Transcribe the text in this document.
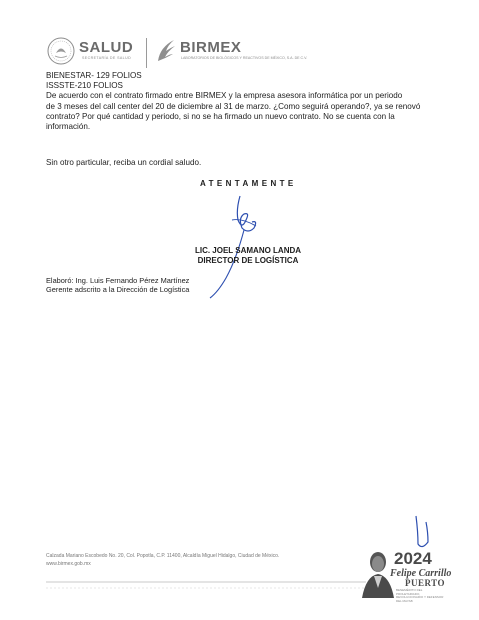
SALUD
SECRETARÍA DE SALUD
BIRMEX
LABORATORIOS DE BIOLÓGICOS Y REACTIVOS DE MÉXICO, S.A. DE C.V.
BIENESTAR- 129 FOLIOS
ISSSTE-210 FOLIOS
De acuerdo con el contrato firmado entre BIRMEX y la empresa asesora informática por un periodo
de 3 meses del call center del 20 de diciembre al 31 de marzo. ¿Como seguirá operando?, ya se renovó
contrato? Por qué cantidad y periodo, si no se ha firmado un nuevo contrato. No se cuenta con la
información.
Sin otro particular, reciba un cordial saludo.
ATENTAMENTE
LIC. JOEL SAMANO LANDA
DIRECTOR DE LOGÍSTICA
Elaboró: Ing. Luis Fernando Pérez Martínez
Gerente adscrito a la Dirección de Logística
Calzada Mariano Escobedo No. 20, Col. Popotla, C.P. 11400, Alcaldía Miguel Hidalgo, Ciudad de México.
www.birmex.gob.mx	2024
Felipe Carrillo
PUERTO
BENEMÉRITO DEL PROLETARIADO, REVOLUCIONARIO Y DEFENSOR DEL MAYAB
